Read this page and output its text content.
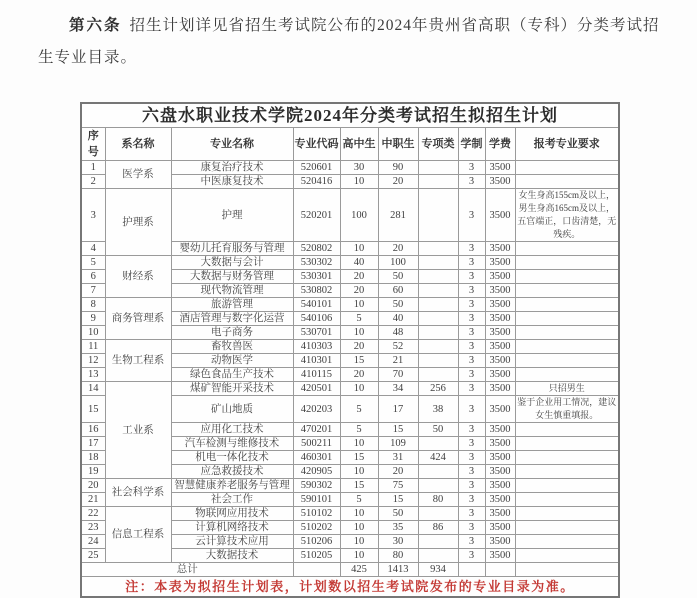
第六条 招生计划详见省招生考试院公布的2024年贵州省高职（专科）分类考试招生专业目录。

六盘水职业技术学院2024年分类考试招生拟招生计划									
序号	系名称	专业名称	专业代码	高中生	中职生	专项类	学制	学费	报考专业要求
1	医学系	康复治疗技术	520601	30	90		3	3500	
2		中医康复技术	520416	10	20		3	3500	
3	护理系	护理	520201	100	281		3	3500	女生身高155cm及以上，男生身高165cm及以上，五官端正，口齿清楚，无残疾。
4		婴幼儿托育服务与管理	520802	10	20		3	3500	
5	财经系	大数据与会计	530302	40	100		3	3500	
6		大数据与财务管理	530301	20	50		3	3500	
7		现代物流管理	530802	20	60		3	3500	
8	商务管理系	旅游管理	540101	10	50		3	3500	
9		酒店管理与数字化运营	540106	5	40		3	3500	
10		电子商务	530701	10	48		3	3500	
11	生物工程系	畜牧兽医	410303	20	52		3	3500	
12		动物医学	410301	15	21		3	3500	
13		绿色食品生产技术	410115	20	70		3	3500	
14	工业系	煤矿智能开采技术	420501	10	34	256	3	3500	只招男生
15		矿山地质	420203	5	17	38	3	3500	鉴于企业用工情况，建议女生慎重填报。
16		应用化工技术	470201	5	15	50	3	3500	
17		汽车检测与维修技术	500211	10	109		3	3500	
18		机电一体化技术	460301	15	31	424	3	3500	
19		应急救援技术	420905	10	20		3	3500	
20	社会科学系	智慧健康养老服务与管理	590302	15	75		3	3500	
21		社会工作	590101	5	15	80	3	3500	
22	信息工程系	物联网应用技术	510102	10	50		3	3500	
23		计算机网络技术	510202	10	35	86	3	3500	
24		云计算技术应用	510206	10	30		3	3500	
25		大数据技术	510205	10	80		3	3500	
总计				425	1413	934			
注：本表为拟招生计划表，计划数以招生考试院发布的专业目录为准。									
